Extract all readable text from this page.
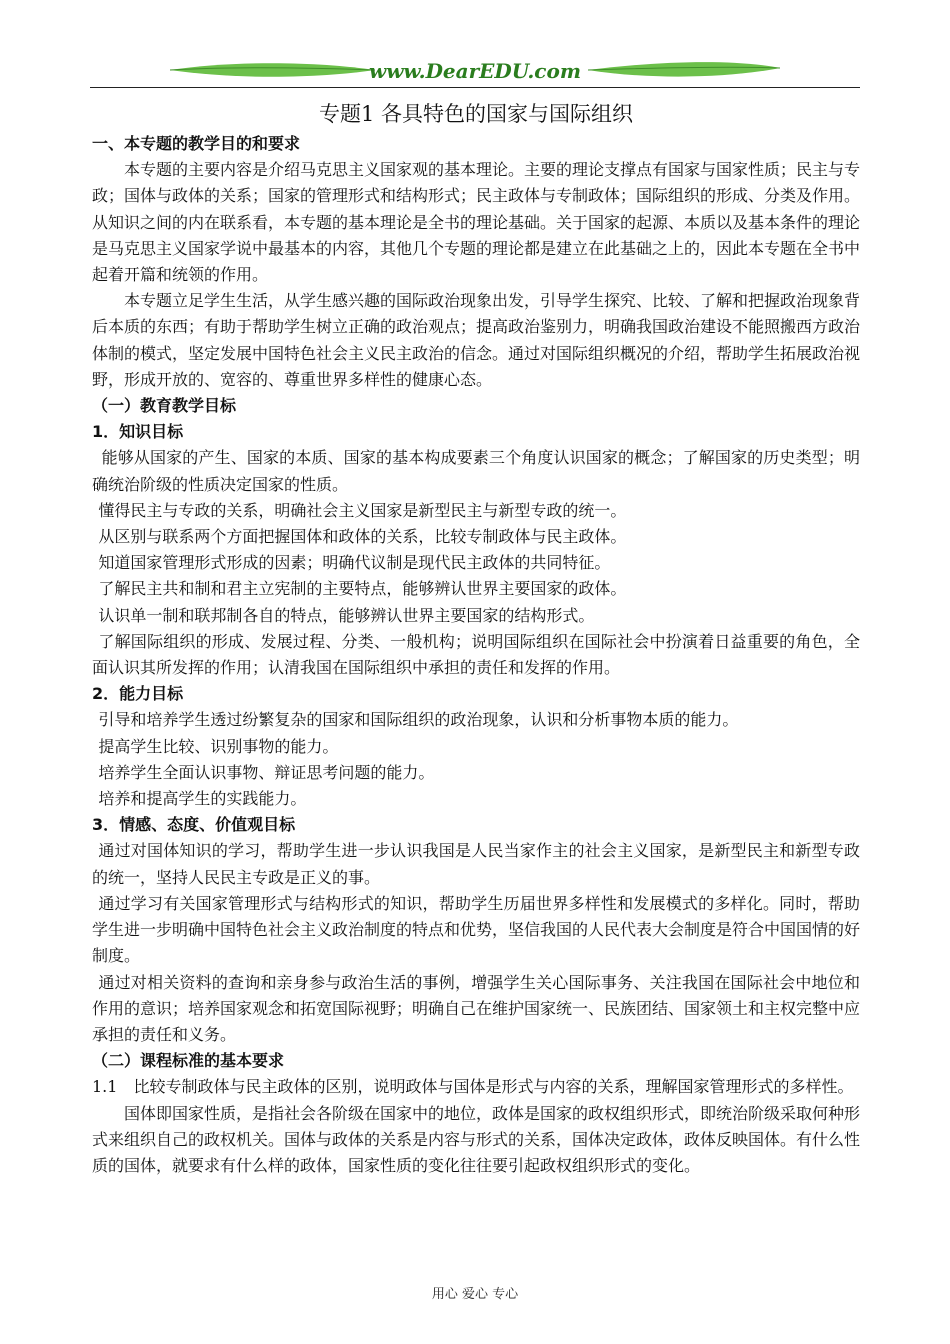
www.DearEDU.com

专题1 各具特色的国家与国际组织

一、本专题的教学目的和要求

本专题的主要内容是介绍马克思主义国家观的基本理论。主要的理论支撑点有国家与国家性质；民主与专政；国体与政体的关系；国家的管理形式和结构形式；民主政体与专制政体；国际组织的形成、分类及作用。从知识之间的内在联系看，本专题的基本理论是全书的理论基础。关于国家的起源、本质以及基本条件的理论是马克思主义国家学说中最基本的内容，其他几个专题的理论都是建立在此基础之上的，因此本专题在全书中起着开篇和统领的作用。

本专题立足学生生活，从学生感兴趣的国际政治现象出发，引导学生探究、比较、了解和把握政治现象背后本质的东西；有助于帮助学生树立正确的政治观点；提高政治鉴别力，明确我国政治建设不能照搬西方政治体制的模式，坚定发展中国特色社会主义民主政治的信念。通过对国际组织概况的介绍，帮助学生拓展政治视野，形成开放的、宽容的、尊重世界多样性的健康心态。

（一）教育教学目标

1．知识目标

能够从国家的产生、国家的本质、国家的基本构成要素三个角度认识国家的概念；了解国家的历史类型；明确统治阶级的性质决定国家的性质。

懂得民主与专政的关系，明确社会主义国家是新型民主与新型专政的统一。

从区别与联系两个方面把握国体和政体的关系，比较专制政体与民主政体。

知道国家管理形式形成的因素；明确代议制是现代民主政体的共同特征。

了解民主共和制和君主立宪制的主要特点，能够辨认世界主要国家的政体。

认识单一制和联邦制各自的特点，能够辨认世界主要国家的结构形式。

了解国际组织的形成、发展过程、分类、一般机构；说明国际组织在国际社会中扮演着日益重要的角色，全面认识其所发挥的作用；认清我国在国际组织中承担的责任和发挥的作用。

2．能力目标

引导和培养学生透过纷繁复杂的国家和国际组织的政治现象，认识和分析事物本质的能力。

提高学生比较、识别事物的能力。

培养学生全面认识事物、辩证思考问题的能力。

培养和提高学生的实践能力。

3．情感、态度、价值观目标

通过对国体知识的学习，帮助学生进一步认识我国是人民当家作主的社会主义国家，是新型民主和新型专政的统一，坚持人民民主专政是正义的事。

通过学习有关国家管理形式与结构形式的知识，帮助学生历届世界多样性和发展模式的多样化。同时，帮助学生进一步明确中国特色社会主义政治制度的特点和优势，坚信我国的人民代表大会制度是符合中国国情的好制度。

通过对相关资料的查询和亲身参与政治生活的事例，增强学生关心国际事务、关注我国在国际社会中地位和作用的意识；培养国家观念和拓宽国际视野；明确自己在维护国家统一、民族团结、国家领土和主权完整中应承担的责任和义务。

（二）课程标准的基本要求

1.1　比较专制政体与民主政体的区别，说明政体与国体是形式与内容的关系，理解国家管理形式的多样性。

国体即国家性质，是指社会各阶级在国家中的地位，政体是国家的政权组织形式，即统治阶级采取何种形式来组织自己的政权机关。国体与政体的关系是内容与形式的关系，国体决定政体，政体反映国体。有什么性质的国体，就要求有什么样的政体，国家性质的变化往往要引起政权组织形式的变化。

用心 爱心 专心
